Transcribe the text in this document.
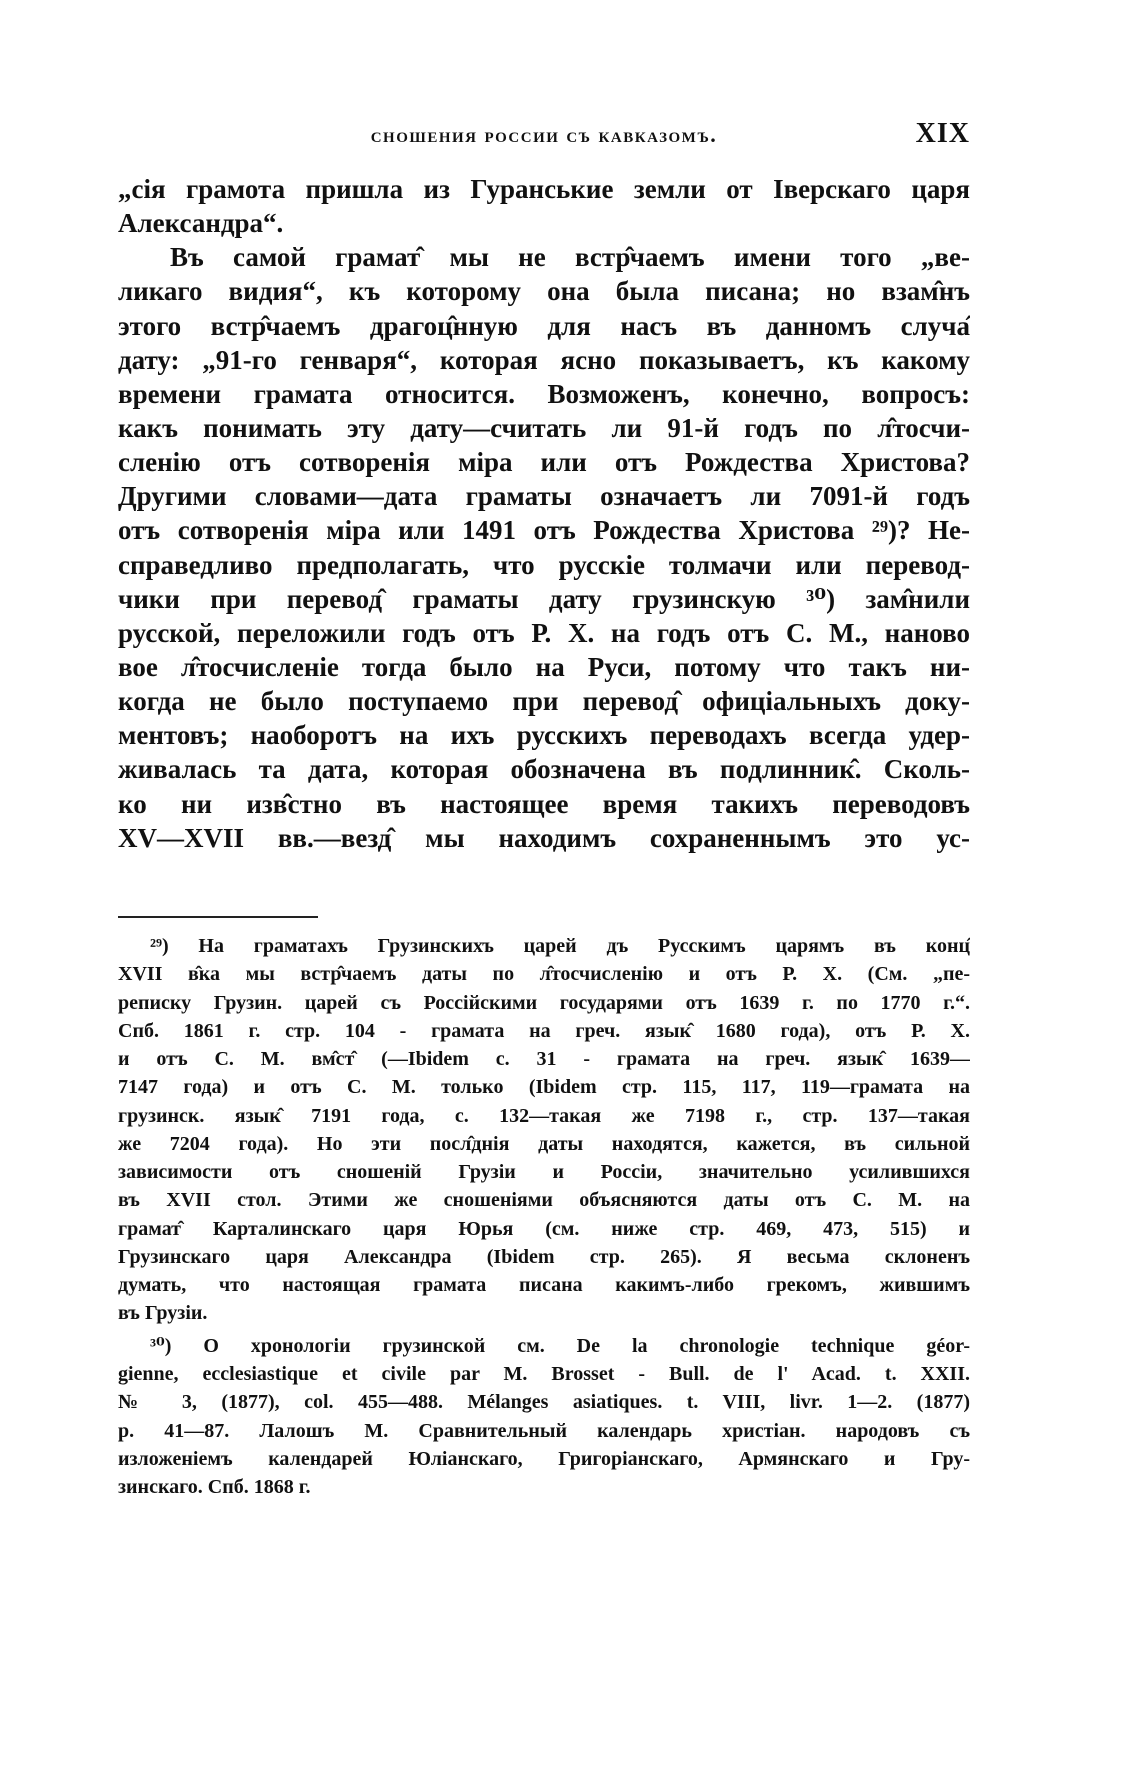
сношения россии съ кавказомъ.	XIX
„сiя грамота пришла из Гуранськие земли от Iверскаго царя
Александра“.
Въ самой грамат̂ мы не встр̂чаемъ имени того „ве-
ликаго видия“, къ которому она была писана; но взам̂нъ
этого встр̂чаемъ драгоц̂нную для насъ въ данномъ случа̂
дату: „91-го генваря“, которая ясно показываетъ, къ какому
времени грамата относится. Возможенъ, конечно, вопросъ:
какъ понимать эту дату—считать ли 91-й годъ по л̂тосчи-
сленiю отъ сотворенiя мiра или отъ Рождества Христова?
Другими словами—дата граматы означаетъ ли 7091-й годъ
отъ сотворенiя мiра или 1491 отъ Рождества Христова ²⁹)? Не-
справедливо предполагать, что русскiе толмачи или перевод-
чики при перевод̂ граматы дату грузинскую ³⁰) зам̂нили
русской, переложили годъ отъ Р. Х. на годъ отъ С. М., наново
вое л̂тосчисленiе тогда было на Руси, потому что такъ ни-
когда не было поступаемо при перевод̂ офицiальныхъ доку-
ментовъ; наоборотъ на ихъ русскихъ переводахъ всегда удер-
живалась та дата, которая обозначена въ подлинник̂. Сколь-
ко ни изв̂стно въ настоящее время такихъ переводовъ
XV—XVII вв.—везд̂ мы находимъ сохраненнымъ это ус-
²⁹) На граматахъ Грузинскихъ царей дъ Русскимъ царямъ въ конц̂
XVII в̂ка мы встр̂чаемъ даты по л̂тосчисленiю и отъ Р. Х. (См. „пе-
реписку Грузин. царей съ Россiйскими государями отъ 1639 г. по 1770 г.“.
Спб. 1861 г. стр. 104 - грамата на греч. язык̂ 1680 года), отъ Р. Х.
и отъ С. М. вм̂ст̂ (—Ibidem с. 31 - грамата на греч. язык̂ 1639—
7147 года) и отъ С. М. только (Ibidem стр. 115, 117, 119—грамата на
грузинск. язык̂ 7191 года, с. 132—такая же 7198 г., стр. 137—такая
же 7204 года). Но эти посл̂днiя даты находятся, кажется, въ сильной
зависимости отъ сношенiй Грузiи и Россiи, значительно усилившихся
въ XVII стол. Этими же сношенiями объясняются даты отъ С. М. на
грамат̂ Карталинскаго царя Юрья (см. ниже стр. 469, 473, 515) и
Грузинскаго царя Александра (Ibidem стр. 265). Я весьма склоненъ
думать, что настоящая грамата писана какимъ-либо грекомъ, жившимъ
въ Грузiи.
³⁰) О хронологiи грузинской см. De la chronologie technique géor-
gienne, ecclesiastique et civile par M. Brosset - Bull. de l' Acad. t. XXII.
№ 3, (1877), col. 455—488. Mélanges asiatiques. t. VIII, livr. 1—2. (1877)
p. 41—87. Лалошъ М. Сравнительный календарь христiан. народовъ съ
изложенiемъ календарей Юлiанскаго, Григорiанскаго, Армянскаго и Гру-
зинскаго. Спб. 1868 г.
